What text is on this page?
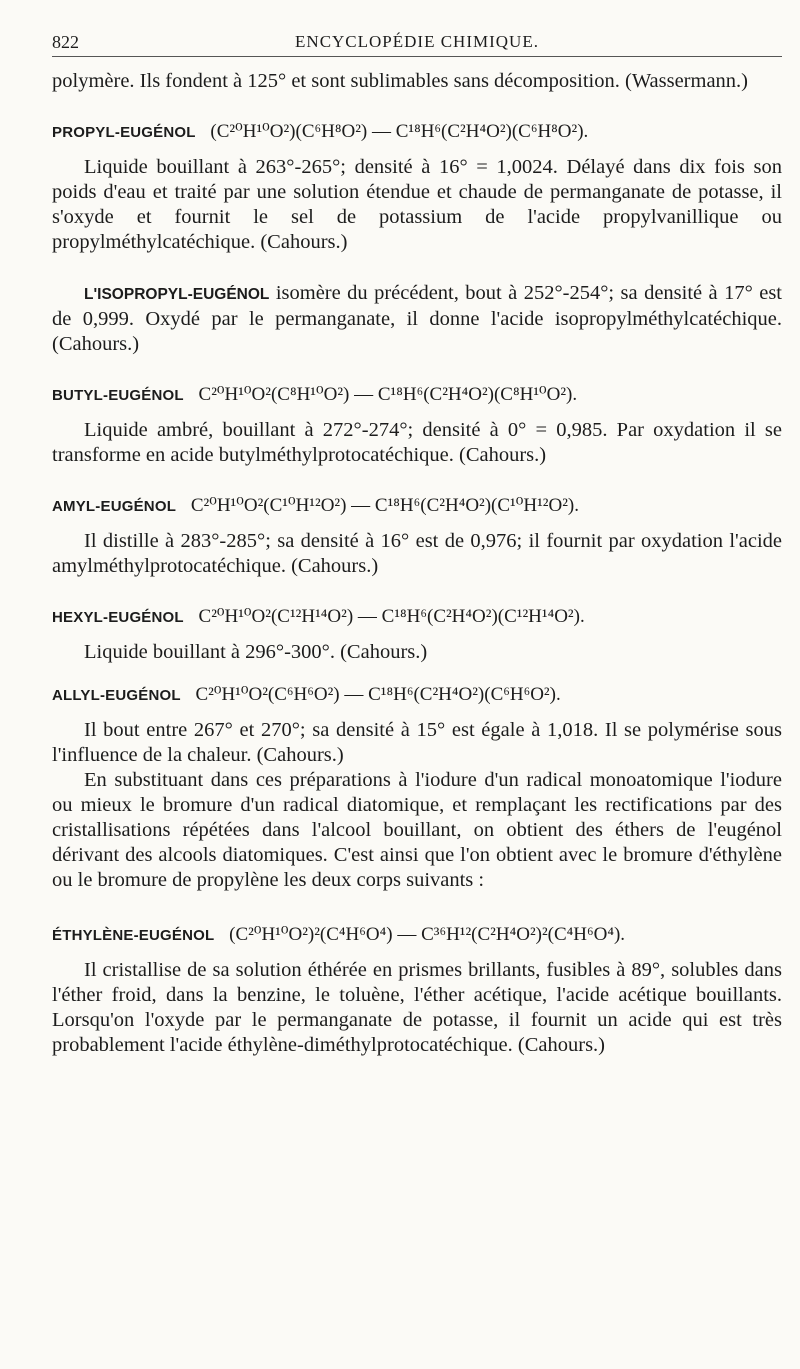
822	ENCYCLOPÉDIE CHIMIQUE.

polymère. Ils fondent à 125° et sont sublimables sans décomposition. (Wassermann.)

PROPYL-EUGÉNOL (C²⁰H¹⁰O²)(C⁶H⁸O²) — C¹⁸H⁶(C²H⁴O²)(C⁶H⁸O²).

Liquide bouillant à 263°-265°; densité à 16° = 1,0024. Délayé dans dix fois son poids d'eau et traité par une solution étendue et chaude de permanganate de potasse, il s'oxyde et fournit le sel de potassium de l'acide propylvanillique ou propylméthylcatéchique. (Cahours.)

L'ISOPROPYL-EUGÉNOL isomère du précédent, bout à 252°-254°; sa densité à 17° est de 0,999. Oxydé par le permanganate, il donne l'acide isopropylméthylcatéchique. (Cahours.)

BUTYL-EUGÉNOL C²⁰H¹⁰O²(C⁸H¹⁰O²) — C¹⁸H⁶(C²H⁴O²)(C⁸H¹⁰O²).

Liquide ambré, bouillant à 272°-274°; densité à 0° = 0,985. Par oxydation il se transforme en acide butylméthylprotocatéchique. (Cahours.)

AMYL-EUGÉNOL C²⁰H¹⁰O²(C¹⁰H¹²O²) — C¹⁸H⁶(C²H⁴O²)(C¹⁰H¹²O²).

Il distille à 283°-285°; sa densité à 16° est de 0,976; il fournit par oxydation l'acide amylméthylprotocatéchique. (Cahours.)

HEXYL-EUGÉNOL C²⁰H¹⁰O²(C¹²H¹⁴O²) — C¹⁸H⁶(C²H⁴O²)(C¹²H¹⁴O²).

Liquide bouillant à 296°-300°. (Cahours.)

ALLYL-EUGÉNOL C²⁰H¹⁰O²(C⁶H⁶O²) — C¹⁸H⁶(C²H⁴O²)(C⁶H⁶O²).

Il bout entre 267° et 270°; sa densité à 15° est égale à 1,018. Il se polymérise sous l'influence de la chaleur. (Cahours.)

En substituant dans ces préparations à l'iodure d'un radical monoatomique l'iodure ou mieux le bromure d'un radical diatomique, et remplaçant les rectifications par des cristallisations répétées dans l'alcool bouillant, on obtient des éthers de l'eugénol dérivant des alcools diatomiques. C'est ainsi que l'on obtient avec le bromure d'éthylène ou le bromure de propylène les deux corps suivants :

ÉTHYLÈNE-EUGÉNOL (C²⁰H¹⁰O²)²(C⁴H⁶O⁴) — C³⁶H¹²(C²H⁴O²)²(C⁴H⁶O⁴).

Il cristallise de sa solution éthérée en prismes brillants, fusibles à 89°, solubles dans l'éther froid, dans la benzine, le toluène, l'éther acétique, l'acide acétique bouillants. Lorsqu'on l'oxyde par le permanganate de potasse, il fournit un acide qui est très probablement l'acide éthylène-diméthylprotocatéchique. (Cahours.)
